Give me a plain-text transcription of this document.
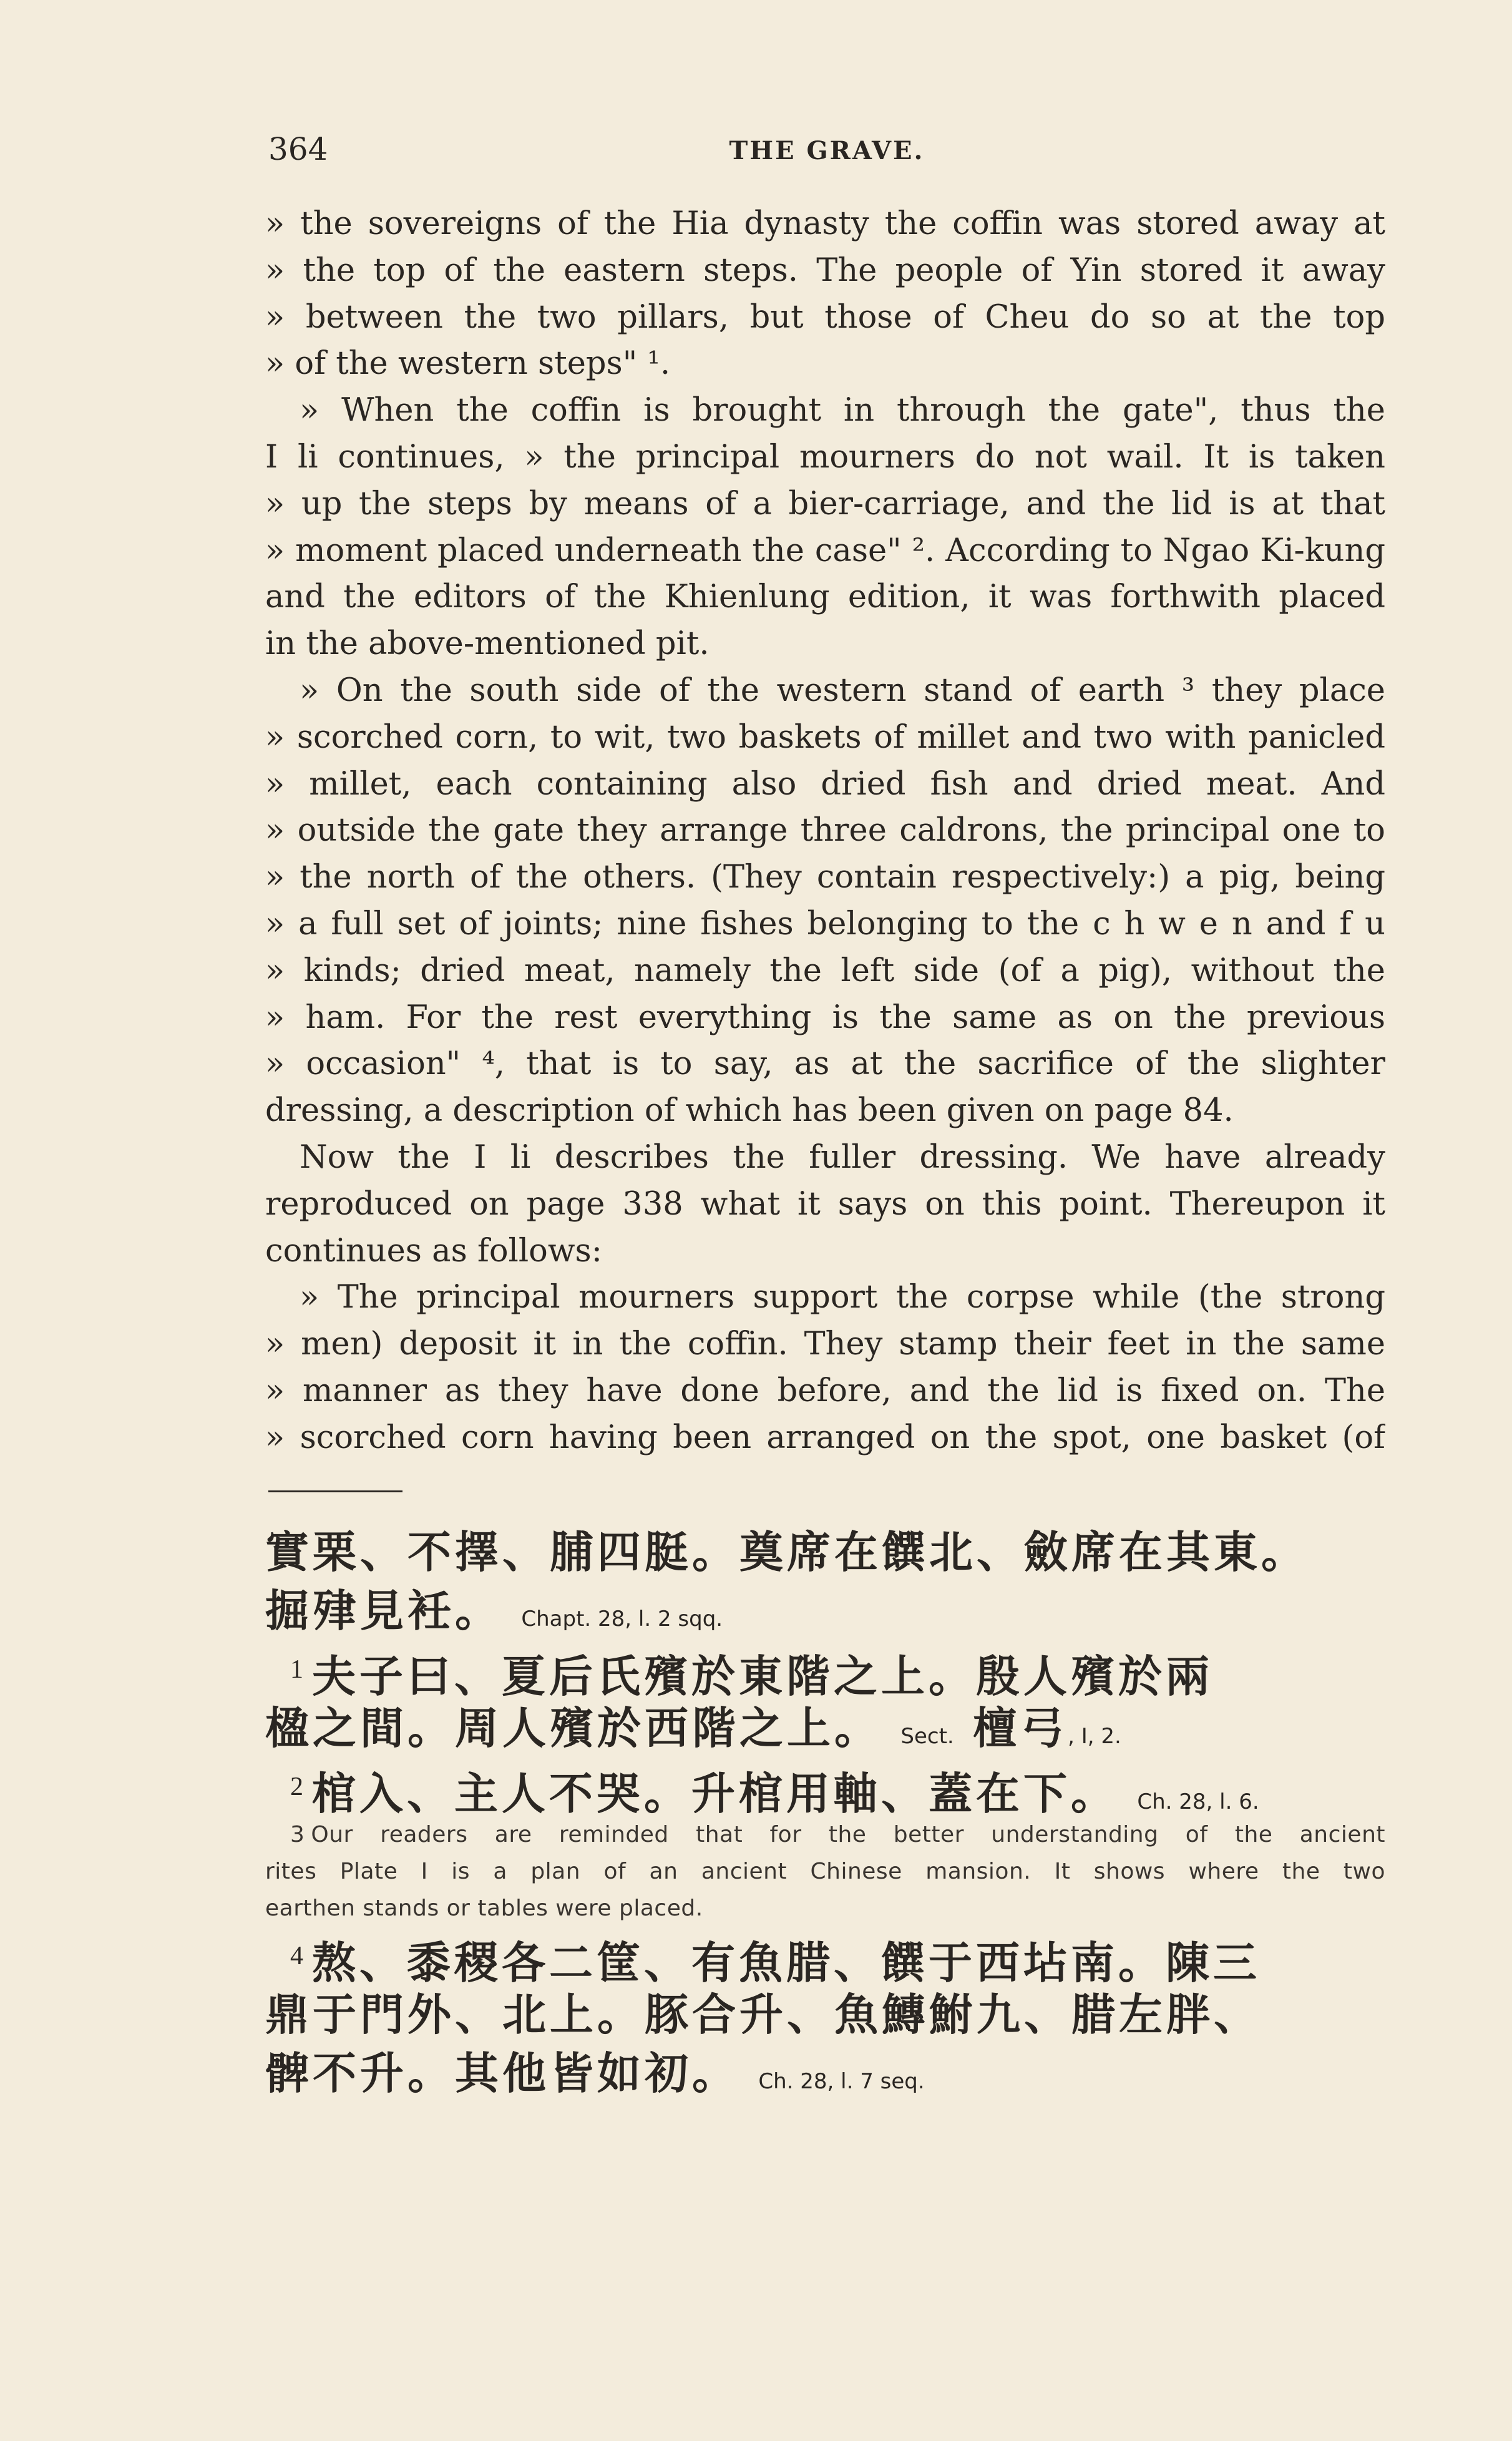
364	THE GRAVE.
» the sovereigns of the Hia dynasty the coffin was stored away at
» the top of the eastern steps. The people of Yin stored it away
» between the two pillars, but those of Cheu do so at the top
» of the western steps" ¹.
» When the coffin is brought in through the gate", thus the
I li continues, » the principal mourners do not wail. It is taken
» up the steps by means of a bier-carriage, and the lid is at that
» moment placed underneath the case" ². According to Ngao Ki-kung
and the editors of the Khienlung edition, it was forthwith placed
in the above-mentioned pit.
» On the south side of the western stand of earth ³ they place
» scorched corn, to wit, two baskets of millet and two with panicled
» millet, each containing also dried fish and dried meat. And
» outside the gate they arrange three caldrons, the principal one to
» the north of the others. (They contain respectively:) a pig, being
» a full set of joints; nine fishes belonging to the c h w e n and f u
» kinds; dried meat, namely the left side (of a pig), without the
» ham. For the rest everything is the same as on the previous
» occasion" ⁴, that is to say, as at the sacrifice of the slighter
dressing, a description of which has been given on page 84.
Now the I li describes the fuller dressing. We have already
reproduced on page 338 what it says on this point. Thereupon it
continues as follows:
» The principal mourners support the corpse while (the strong
» men) deposit it in the coffin. They stamp their feet in the same
» manner as they have done before, and the lid is fixed on. The
» scorched corn having been arranged on the spot, one basket (of
實栗、不擇、脯四脡。奠席在饌北、斂席在其東。
掘肂見衽。 Chapt. 28, l. 2 sqq.
$^1$ 夫子曰、夏后氏殯於東階之上。殷人殯於兩
楹之間。周人殯於西階之上。 Sect. 檀弓, I, 2.
$^2$ 棺入、主人不哭。升棺用軸、蓋在下。 Ch. 28, l. 6.
3 Our readers are reminded that for the better understanding of the ancient
rites Plate I is a plan of an ancient Chinese mansion. It shows where the two
earthen stands or tables were placed.
$^4$ 熬、黍稷各二筐、有魚腊、饌于西坫南。陳三
鼎于門外、北上。豚合升、魚鱄鮒九、腊左胖、
髀不升。其他皆如初。 Ch. 28, l. 7 seq.
